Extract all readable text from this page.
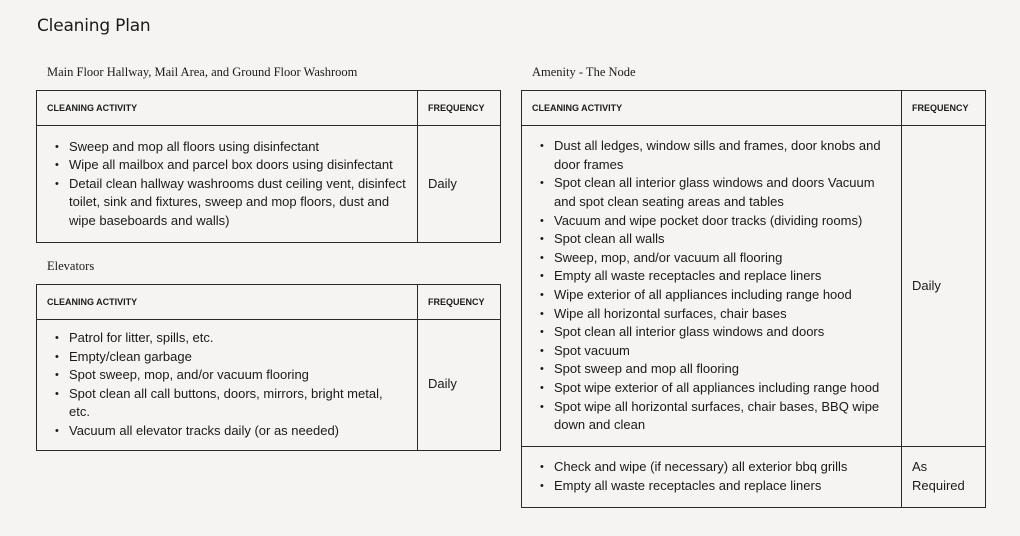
Cleaning Plan
Main Floor Hallway, Mail Area, and Ground Floor Washroom
CLEANING ACTIVITY	FREQUENCY

• Sweep and mop all floors using disinfectant
• Wipe all mailbox and parcel box doors using disinfectant
• Detail clean hallway washrooms dust ceiling vent, disinfect toilet, sink and fixtures, sweep and mop floors, dust and wipe baseboards and walls)
	Daily
Elevators
CLEANING ACTIVITY	FREQUENCY

• Patrol for litter, spills, etc.
• Empty/clean garbage
• Spot sweep, mop, and/or vacuum flooring
• Spot clean all call buttons, doors, mirrors, bright metal, etc.
• Vacuum all elevator tracks daily (or as needed)
	Daily
Amenity - The Node
CLEANING ACTIVITY	FREQUENCY

• Dust all ledges, window sills and frames, door knobs and door frames
• Spot clean all interior glass windows and doors Vacuum and spot clean seating areas and tables
• Vacuum and wipe pocket door tracks (dividing rooms)
• Spot clean all walls
• Sweep, mop, and/or vacuum all flooring
• Empty all waste receptacles and replace liners
• Wipe exterior of all appliances including range hood
• Wipe all horizontal surfaces, chair bases
• Spot clean all interior glass windows and doors
• Spot vacuum
• Spot sweep and mop all flooring
• Spot wipe exterior of all appliances including range hood
• Spot wipe all horizontal surfaces, chair bases, BBQ wipe down and clean
	Daily

• Check and wipe (if necessary) all exterior bbq grills
• Empty all waste receptacles and replace liners

As Required
